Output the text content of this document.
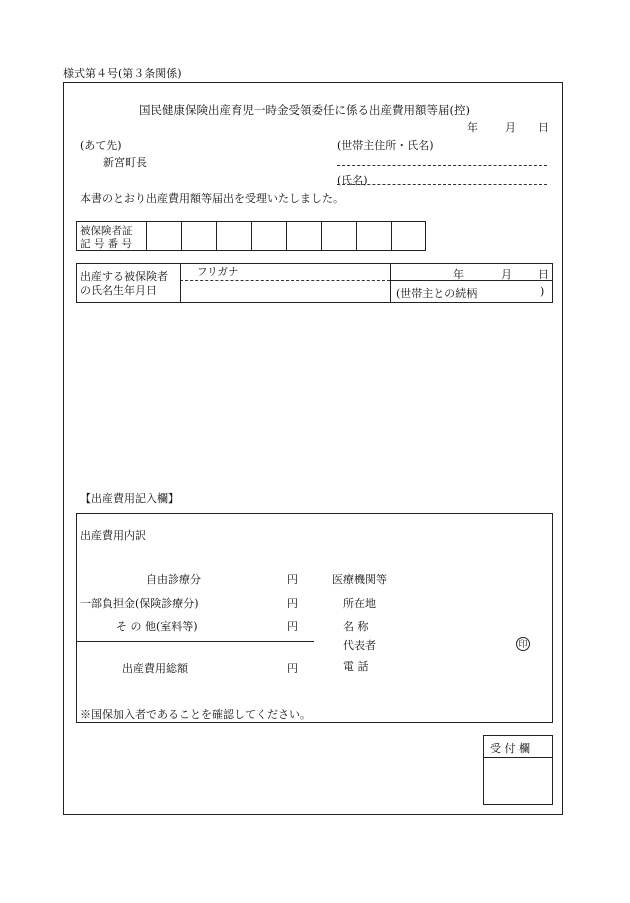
様式第４号(第３条関係)
国民健康保険出産育児一時金受領委任に係る出産費用額等届(控)
年 月 日
(あて先)
新宮町長
(世帯主住所・氏名)
(氏名)
本書のとおり出産費用額等届出を受理いたしました。
被保険者証
記 号 番 号
出産する被保険者
の氏名生年月日
フリガナ	年	月 日
(世帯主との続柄	)
【出産費用記入欄】
出産費用内訳
自由診療分	円
一部負担金(保険診療分)	円
そ の 他(室料等)	円
出産費用総額	円
医療機関等
所在地
名 称
代表者	印
電 話
※国保加入者であることを確認してください。
受 付 欄
